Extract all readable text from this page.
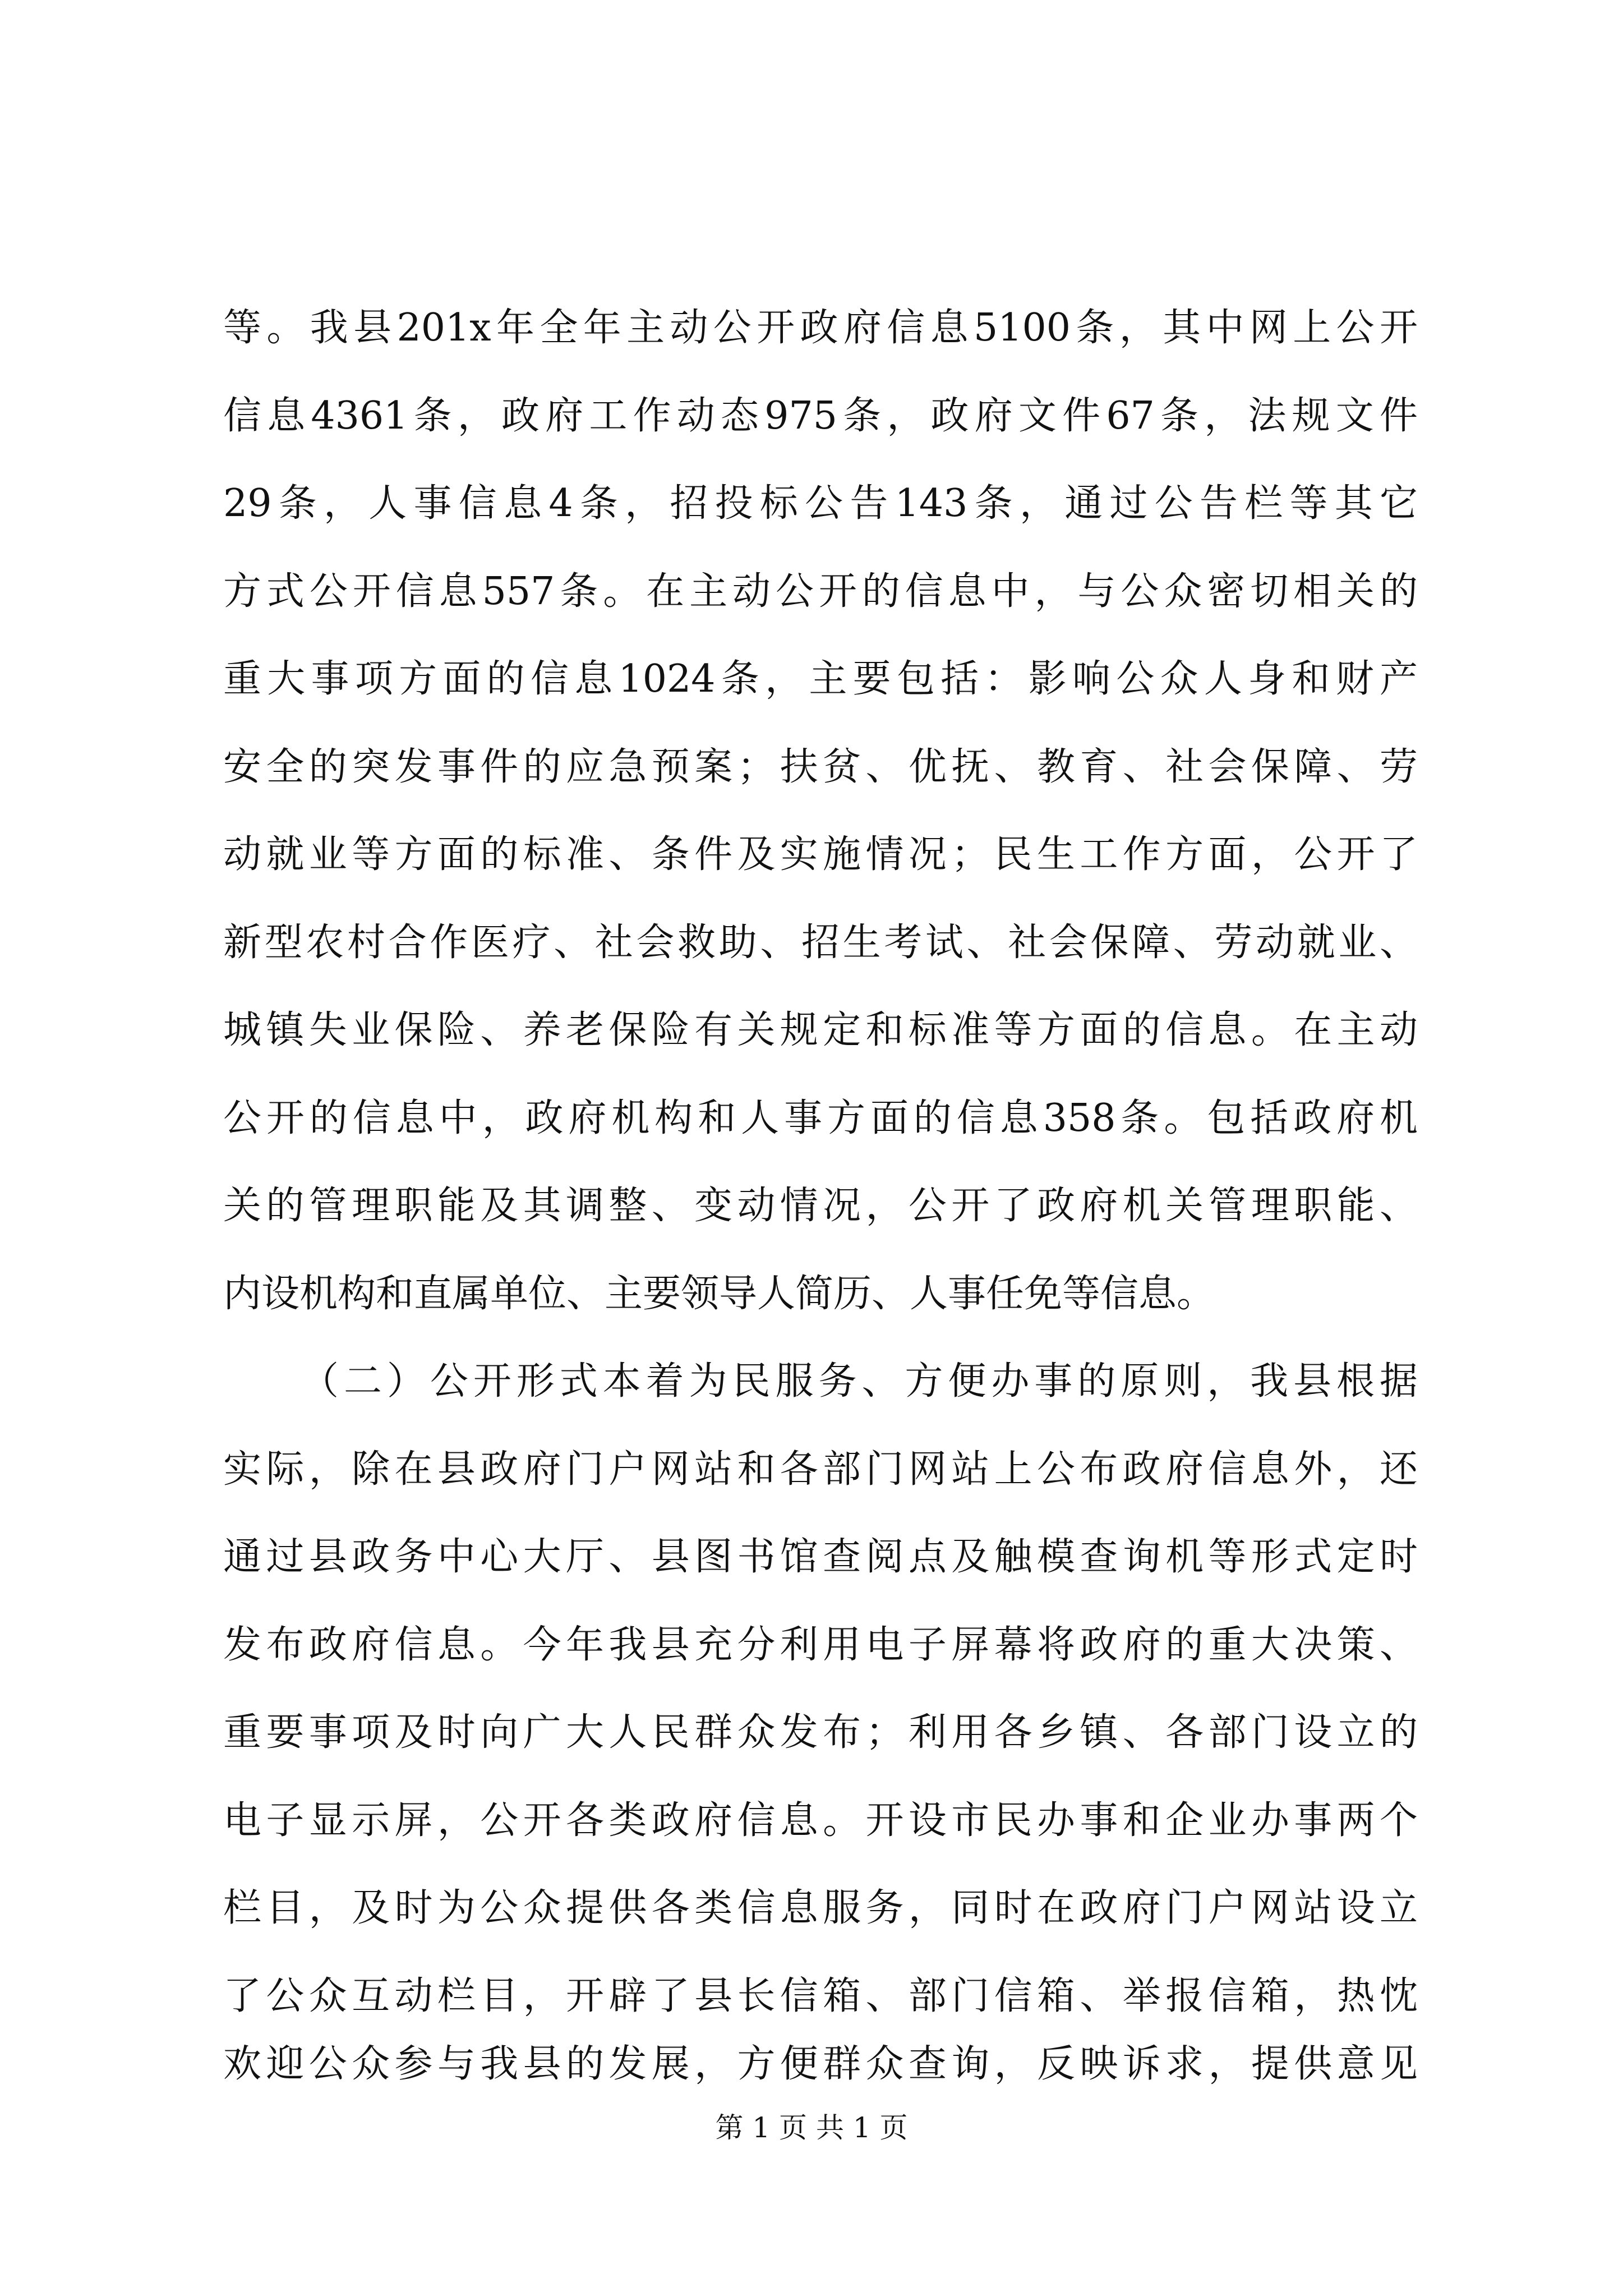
等。我县201x年全年主动公开政府信息5100条，其中网上公开
信息4361条，政府工作动态975条，政府文件67条，法规文件
29条，人事信息4条，招投标公告143条，通过公告栏等其它
方式公开信息557条。在主动公开的信息中，与公众密切相关的
重大事项方面的信息1024条，主要包括：影响公众人身和财产
安全的突发事件的应急预案；扶贫、优抚、教育、社会保障、劳
动就业等方面的标准、条件及实施情况；民生工作方面，公开了
新型农村合作医疗、社会救助、招生考试、社会保障、劳动就业、
城镇失业保险、养老保险有关规定和标准等方面的信息。在主动
公开的信息中，政府机构和人事方面的信息358条。包括政府机
关的管理职能及其调整、变动情况，公开了政府机关管理职能、
内设机构和直属单位、主要领导人简历、人事任免等信息。
（二）公开形式本着为民服务、方便办事的原则，我县根据
实际，除在县政府门户网站和各部门网站上公布政府信息外，还
通过县政务中心大厅、县图书馆查阅点及触模查询机等形式定时
发布政府信息。今年我县充分利用电子屏幕将政府的重大决策、
重要事项及时向广大人民群众发布；利用各乡镇、各部门设立的
电子显示屏，公开各类政府信息。开设市民办事和企业办事两个
栏目，及时为公众提供各类信息服务，同时在政府门户网站设立
了公众互动栏目，开辟了县长信箱、部门信箱、举报信箱，热忱
欢迎公众参与我县的发展，方便群众查询，反映诉求，提供意见
第 1 页 共 1 页
